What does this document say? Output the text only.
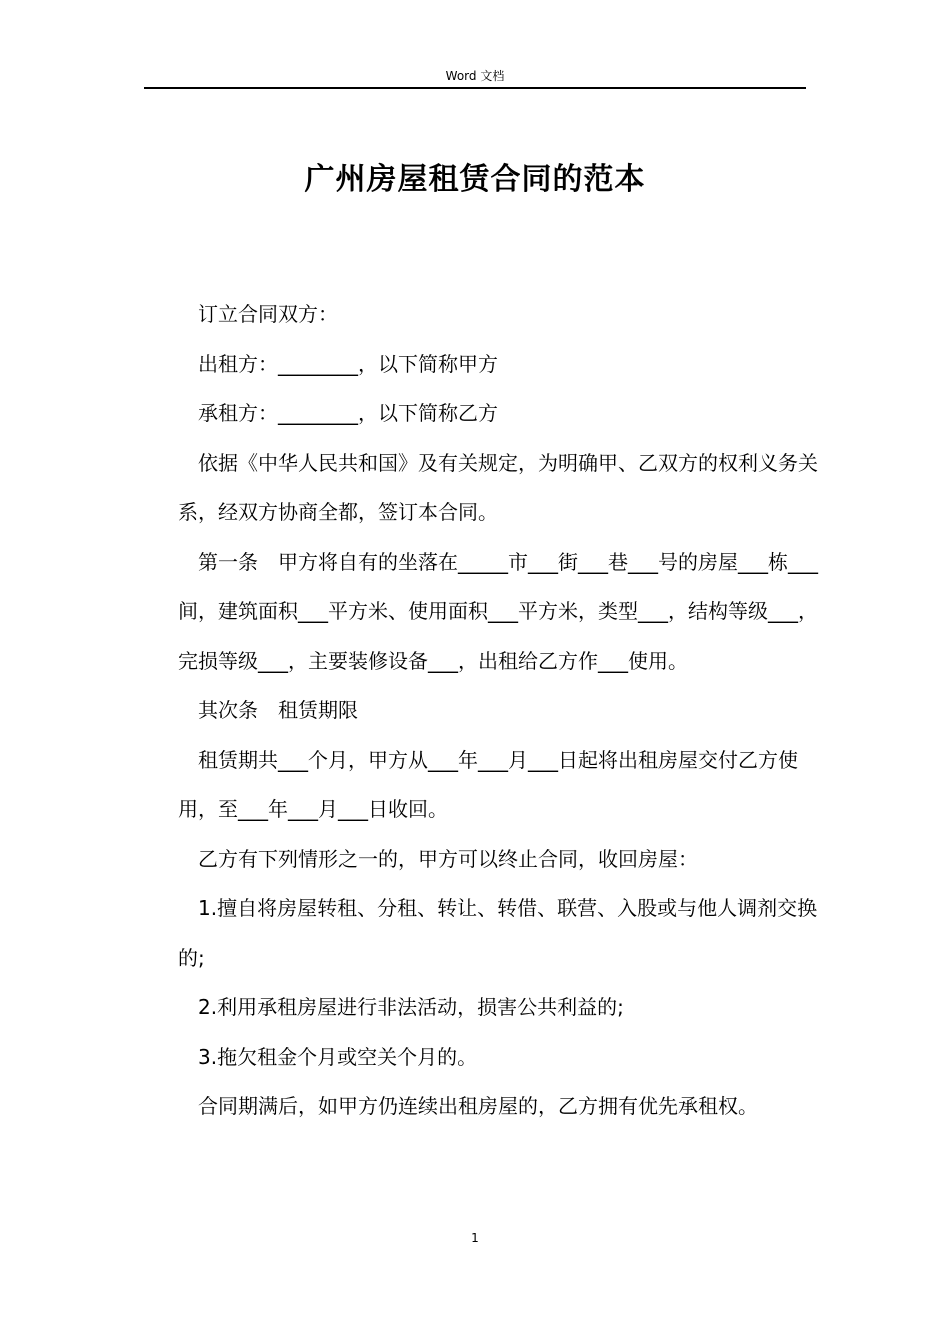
Word 文档
广州房屋租赁合同的范本

订立合同双方：

出租方：________，以下简称甲方

承租方：________，以下简称乙方

依据《中华人民共和国》及有关规定，为明确甲、乙双方的权利义务关系，经双方协商全都，签订本合同。

第一条　甲方将自有的坐落在_____市___街___巷___号的房屋___栋___间，建筑面积___平方米、使用面积___平方米，类型___，结构等级___，完损等级___，主要装修设备___，出租给乙方作___使用。

其次条　租赁期限

租赁期共___个月，甲方从___年___月___日起将出租房屋交付乙方使用，至___年___月___日收回。

乙方有下列情形之一的，甲方可以终止合同，收回房屋：

1.擅自将房屋转租、分租、转让、转借、联营、入股或与他人调剂交换的;

2.利用承租房屋进行非法活动，损害公共利益的;

3.拖欠租金个月或空关个月的。

合同期满后，如甲方仍连续出租房屋的，乙方拥有优先承租权。

1
